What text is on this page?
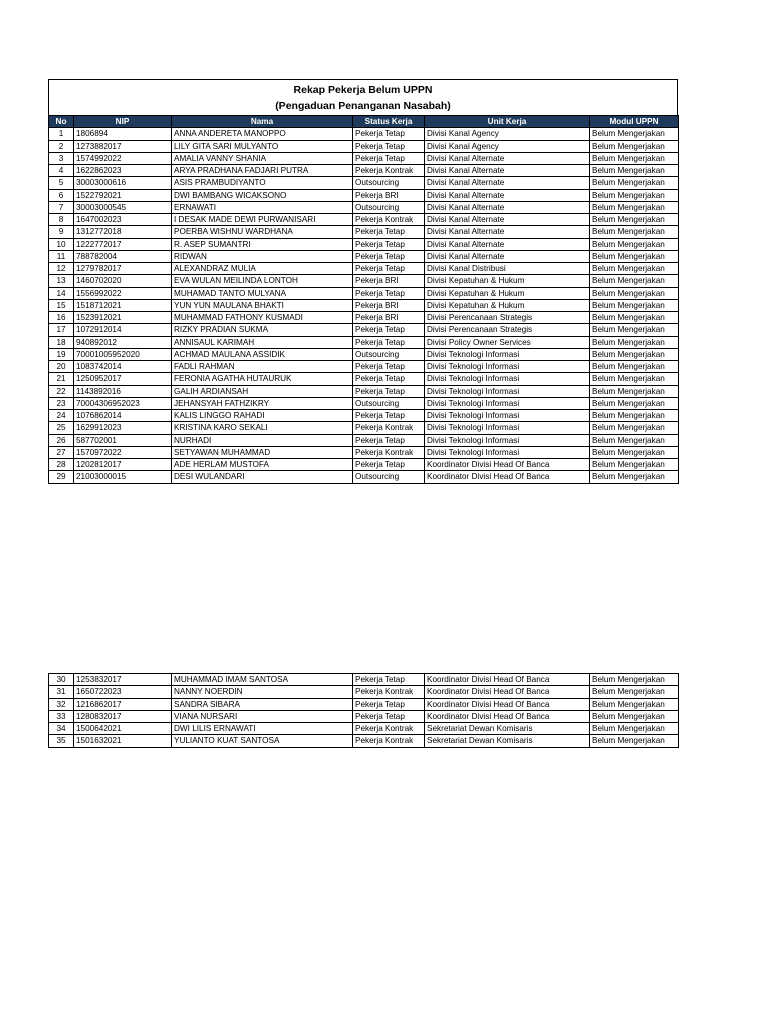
Rekap Pekerja Belum UPPN
(Pengaduan Penanganan Nasabah)
No	NIP	Nama	Status Kerja	Unit Kerja	Modul UPPN
1	1806894	ANNA ANDERETA MANOPPO	Pekerja Tetap	Divisi Kanal Agency	Belum Mengerjakan
2	1273882017	LILY GITA SARI MULYANTO	Pekerja Tetap	Divisi Kanal Agency	Belum Mengerjakan
3	1574992022	AMALIA VANNY SHANIA	Pekerja Tetap	Divisi Kanal Alternate	Belum Mengerjakan
4	1622862023	ARYA PRADHANA FADJARI PUTRA	Pekerja Kontrak	Divisi Kanal Alternate	Belum Mengerjakan
5	30003000616	ASIS PRAMBUDIYANTO	Outsourcing	Divisi Kanal Alternate	Belum Mengerjakan
6	1522792021	DWI BAMBANG WICAKSONO	Pekerja BRI	Divisi Kanal Alternate	Belum Mengerjakan
7	30003000545	ERNAWATI	Outsourcing	Divisi Kanal Alternate	Belum Mengerjakan
8	1647002023	I DESAK MADE DEWI PURWANISARI	Pekerja Kontrak	Divisi Kanal Alternate	Belum Mengerjakan
9	1312772018	POERBA WISHNU WARDHANA	Pekerja Tetap	Divisi Kanal Alternate	Belum Mengerjakan
10	1222772017	R. ASEP SUMANTRI	Pekerja Tetap	Divisi Kanal Alternate	Belum Mengerjakan
11	788782004	RIDWAN	Pekerja Tetap	Divisi Kanal Alternate	Belum Mengerjakan
12	1279782017	ALEXANDRAZ MULIA	Pekerja Tetap	Divisi Kanal Distribusi	Belum Mengerjakan
13	1460702020	EVA WULAN MEILINDA LONTOH	Pekerja BRI	Divisi Kepatuhan & Hukum	Belum Mengerjakan
14	1556992022	MUHAMAD TANTO MULYANA	Pekerja Tetap	Divisi Kepatuhan & Hukum	Belum Mengerjakan
15	1518712021	YUN YUN MAULANA BHAKTI	Pekerja BRI	Divisi Kepatuhan & Hukum	Belum Mengerjakan
16	1523912021	MUHAMMAD FATHONY KUSMADI	Pekerja BRI	Divisi Perencanaan Strategis	Belum Mengerjakan
17	1072912014	RIZKY PRADIAN SUKMA	Pekerja Tetap	Divisi Perencanaan Strategis	Belum Mengerjakan
18	940892012	ANNISAUL KARIMAH	Pekerja Tetap	Divisi Policy Owner Services	Belum Mengerjakan
19	70001005952020	ACHMAD MAULANA ASSIDIK	Outsourcing	Divisi Teknologi Informasi	Belum Mengerjakan
20	1083742014	FADLI RAHMAN	Pekerja Tetap	Divisi Teknologi Informasi	Belum Mengerjakan
21	1250952017	FERONIA AGATHA HUTAURUK	Pekerja Tetap	Divisi Teknologi Informasi	Belum Mengerjakan
22	1143892016	GALIH ARDIANSAH	Pekerja Tetap	Divisi Teknologi Informasi	Belum Mengerjakan
23	70004306952023	JEHANSYAH FATHZIKRY	Outsourcing	Divisi Teknologi Informasi	Belum Mengerjakan
24	1076862014	KALIS LINGGO RAHADI	Pekerja Tetap	Divisi Teknologi Informasi	Belum Mengerjakan
25	1629912023	KRISTINA KARO SEKALI	Pekerja Kontrak	Divisi Teknologi Informasi	Belum Mengerjakan
26	587702001	NURHADI	Pekerja Tetap	Divisi Teknologi Informasi	Belum Mengerjakan
27	1570972022	SETYAWAN MUHAMMAD	Pekerja Kontrak	Divisi Teknologi Informasi	Belum Mengerjakan
28	1202812017	ADE HERLAM MUSTOFA	Pekerja Tetap	Koordinator Divisi Head Of Banca	Belum Mengerjakan
29	21003000015	DESI WULANDARI	Outsourcing	Koordinator Divisi Head Of Banca	Belum Mengerjakan
30	1253832017	MUHAMMAD IMAM SANTOSA	Pekerja Tetap	Koordinator Divisi Head Of Banca	Belum Mengerjakan
31	1650722023	NANNY NOERDIN	Pekerja Kontrak	Koordinator Divisi Head Of Banca	Belum Mengerjakan
32	1216862017	SANDRA SIBARA	Pekerja Tetap	Koordinator Divisi Head Of Banca	Belum Mengerjakan
33	1280832017	VIANA NURSARI	Pekerja Tetap	Koordinator Divisi Head Of Banca	Belum Mengerjakan
34	1500642021	DWI LILIS ERNAWATI	Pekerja Kontrak	Sekretariat Dewan Komisaris	Belum Mengerjakan
35	1501632021	YULIANTO KUAT SANTOSA	Pekerja Kontrak	Sekretariat Dewan Komisaris	Belum Mengerjakan
